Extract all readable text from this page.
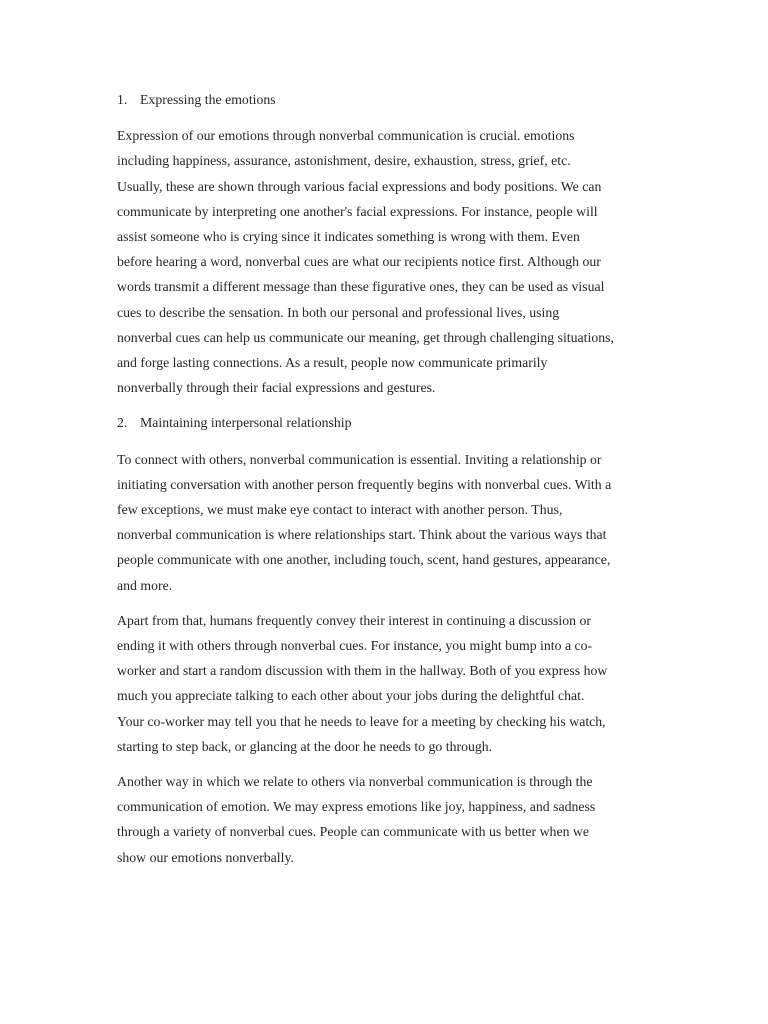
1. Expressing the emotions

Expression of our emotions through nonverbal communication is crucial. emotions
including happiness, assurance, astonishment, desire, exhaustion, stress, grief, etc.
Usually, these are shown through various facial expressions and body positions. We can
communicate by interpreting one another's facial expressions. For instance, people will
assist someone who is crying since it indicates something is wrong with them. Even
before hearing a word, nonverbal cues are what our recipients notice first. Although our
words transmit a different message than these figurative ones, they can be used as visual
cues to describe the sensation. In both our personal and professional lives, using
nonverbal cues can help us communicate our meaning, get through challenging situations,
and forge lasting connections. As a result, people now communicate primarily
nonverbally through their facial expressions and gestures.

2. Maintaining interpersonal relationship

To connect with others, nonverbal communication is essential. Inviting a relationship or
initiating conversation with another person frequently begins with nonverbal cues. With a
few exceptions, we must make eye contact to interact with another person. Thus,
nonverbal communication is where relationships start. Think about the various ways that
people communicate with one another, including touch, scent, hand gestures, appearance,
and more.

Apart from that, humans frequently convey their interest in continuing a discussion or
ending it with others through nonverbal cues. For instance, you might bump into a co-
worker and start a random discussion with them in the hallway. Both of you express how
much you appreciate talking to each other about your jobs during the delightful chat.
Your co-worker may tell you that he needs to leave for a meeting by checking his watch,
starting to step back, or glancing at the door he needs to go through.

Another way in which we relate to others via nonverbal communication is through the
communication of emotion. We may express emotions like joy, happiness, and sadness
through a variety of nonverbal cues. People can communicate with us better when we
show our emotions nonverbally.
